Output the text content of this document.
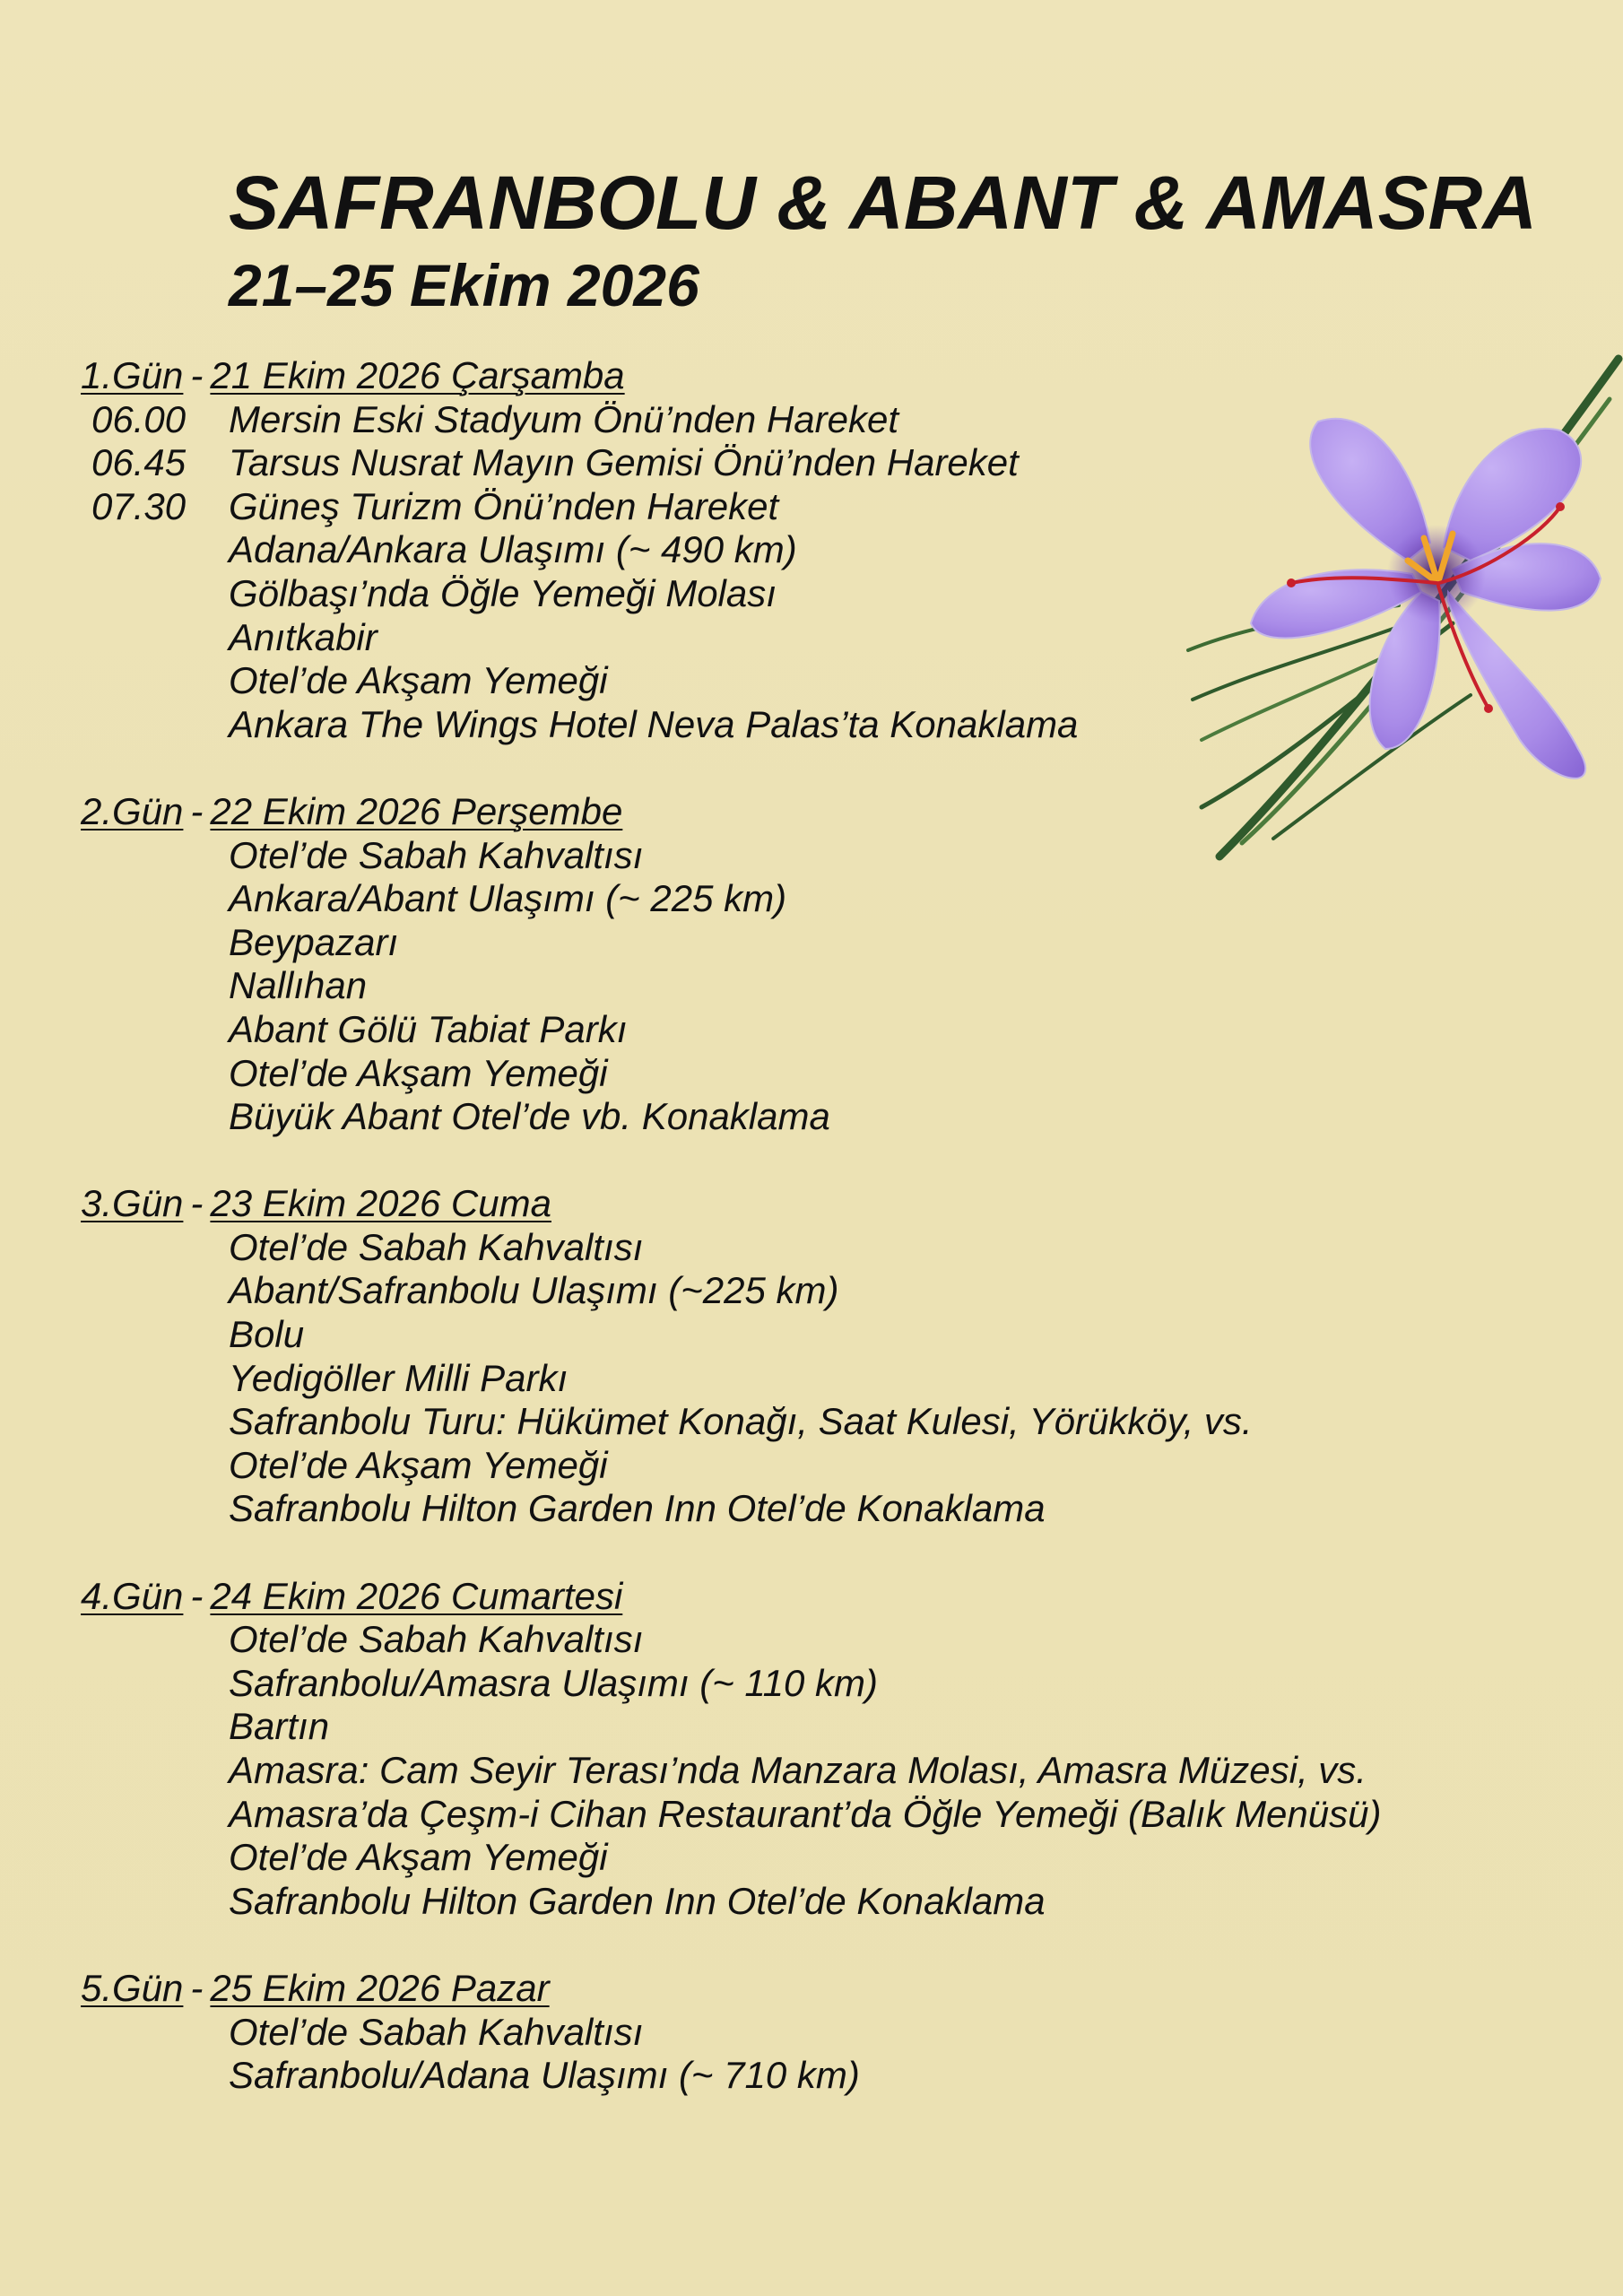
SAFRANBOLU & ABANT & AMASRA
21–25 Ekim 2026
1.Gün - 21 Ekim 2026 Çarşamba
06.00	Mersin Eski Stadyum Önü’nden Hareket
06.45	Tarsus Nusrat Mayın Gemisi Önü’nden Hareket
07.30	Güneş Turizm Önü’nden Hareket
Adana/Ankara Ulaşımı (~ 490 km)
Gölbaşı’nda Öğle Yemeği Molası
Anıtkabir
Otel’de Akşam Yemeği
Ankara The Wings Hotel Neva Palas’ta Konaklama
2.Gün - 22 Ekim 2026 Perşembe
Otel’de Sabah Kahvaltısı
Ankara/Abant Ulaşımı (~ 225 km)
Beypazarı
Nallıhan
Abant Gölü Tabiat Parkı
Otel’de Akşam Yemeği
Büyük Abant Otel’de vb. Konaklama
3.Gün - 23 Ekim 2026 Cuma
Otel’de Sabah Kahvaltısı
Abant/Safranbolu Ulaşımı (~225 km)
Bolu
Yedigöller Milli Parkı
Safranbolu Turu: Hükümet Konağı, Saat Kulesi, Yörükköy, vs.
Otel’de Akşam Yemeği
Safranbolu Hilton Garden Inn Otel’de Konaklama
4.Gün - 24 Ekim 2026 Cumartesi
Otel’de Sabah Kahvaltısı
Safranbolu/Amasra Ulaşımı (~ 110 km)
Bartın
Amasra: Cam Seyir Terası’nda Manzara Molası, Amasra Müzesi, vs.
Amasra’da Çeşm-i Cihan Restaurant’da Öğle Yemeği (Balık Menüsü)
Otel’de Akşam Yemeği
Safranbolu Hilton Garden Inn Otel’de Konaklama
5.Gün - 25 Ekim 2026 Pazar
Otel’de Sabah Kahvaltısı
Safranbolu/Adana Ulaşımı (~ 710 km)
